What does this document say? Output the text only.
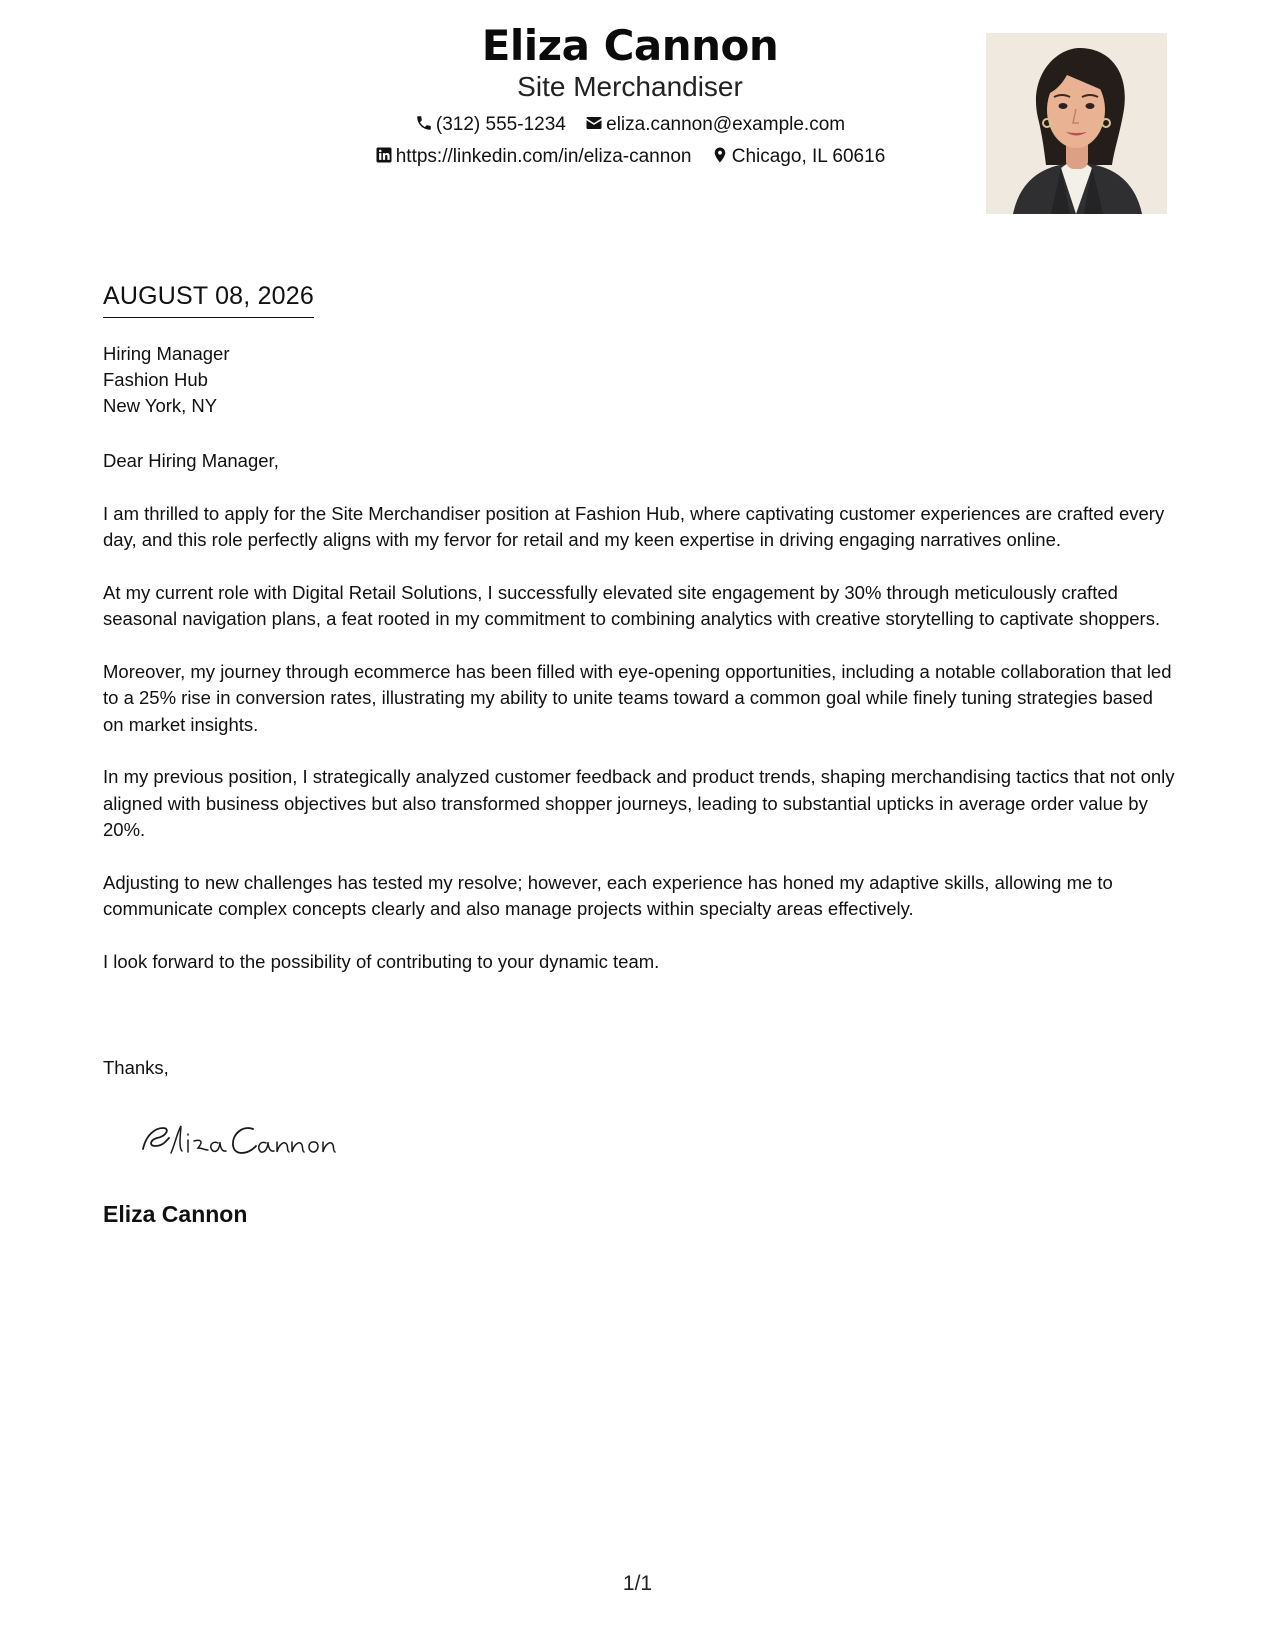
Eliza Cannon
Site Merchandiser
(312) 555-1234 eliza.cannon@example.com
https://linkedin.com/in/eliza-cannon Chicago, IL 60616
AUGUST 08, 2026
Hiring Manager
Fashion Hub
New York, NY

Dear Hiring Manager,

I am thrilled to apply for the Site Merchandiser position at Fashion Hub, where captivating customer experiences are crafted every day, and this role perfectly aligns with my fervor for retail and my keen expertise in driving engaging narratives online.

At my current role with Digital Retail Solutions, I successfully elevated site engagement by 30% through meticulously crafted seasonal navigation plans, a feat rooted in my commitment to combining analytics with creative storytelling to captivate shoppers.

Moreover, my journey through ecommerce has been filled with eye-opening opportunities, including a notable collaboration that led to a 25% rise in conversion rates, illustrating my ability to unite teams toward a common goal while finely tuning strategies based on market insights.

In my previous position, I strategically analyzed customer feedback and product trends, shaping merchandising tactics that not only aligned with business objectives but also transformed shopper journeys, leading to substantial upticks in average order value by 20%.

Adjusting to new challenges has tested my resolve; however, each experience has honed my adaptive skills, allowing me to communicate complex concepts clearly and also manage projects within specialty areas effectively.

I look forward to the possibility of contributing to your dynamic team.

Thanks,
Eliza Cannon
1/1
